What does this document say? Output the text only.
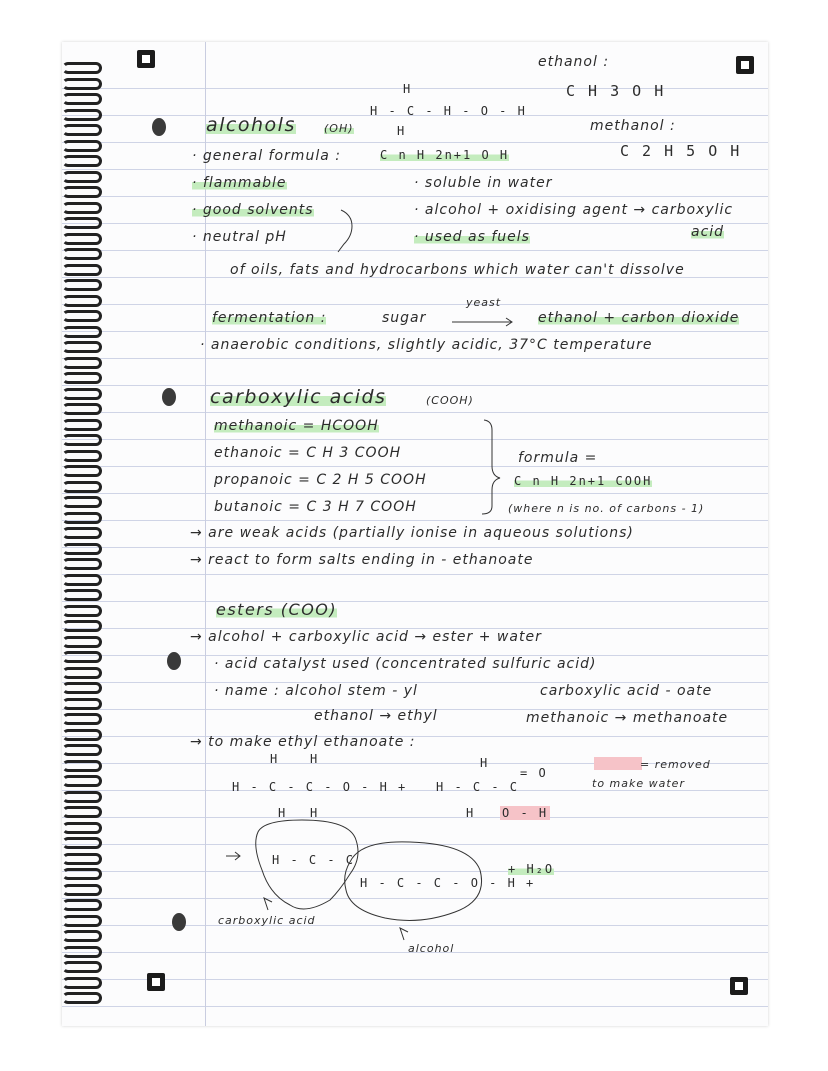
ethanol :
C H 3 O H
methanol :
C 2 H 5 O H
H
H - C - H - O - H
H
alcohols	(OH)
· general formula :	C n H 2n+1 O H
· flammable	· soluble in water
· good solvents	· alcohol + oxidising agent → carboxylic
acid
· neutral pH	· used as fuels
of oils, fats and hydrocarbons which water can't dissolve
fermentation :	sugar
yeast
ethanol + carbon dioxide
· anaerobic conditions, slightly acidic, 37°C temperature
carboxylic acids	(COOH)
methanoic = HCOOH
ethanoic = C H 3 COOH
propanoic = C 2 H 5 COOH
butanoic = C 3 H 7 COOH
formula =
C n H 2n+1 COOH
(where n is no. of carbons - 1)
→ are weak acids (partially ionise in aqueous solutions)
→ react to form salts ending in - ethanoate
esters (COO)
→ alcohol + carboxylic acid → ester + water
· acid catalyst used (concentrated sulfuric acid)
· name : alcohol stem - yl	carboxylic acid - oate
ethanol → ethyl	methanoic → methanoate
→ to make ethyl ethanoate :
= removed
to make water
H - C - C - O - H + H - C - C
= O
O - H
H	H	H
H H	H
H - C - C
H - C - C - O - H +
+ H₂O
carboxylic acid
alcohol
